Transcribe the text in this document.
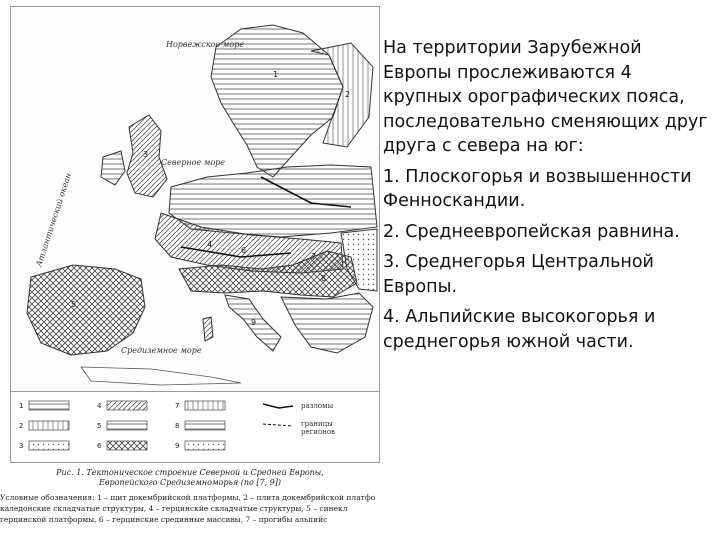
Норвежское море
Северное море
Атлантический океан
Средиземное море
1
2
3
4
5
6
7
8
9
1
2
3
4
5
6
7
8
9
разломы
границы регионов
Рис. 1. Тектоническое строение Северной и Средней Европы,
Европейского Средиземноморья (по [7, 9])
Условные обозначения: 1 – щит докембрийской платформы, 2 – плита докембрийской платфо
каледонские складчатые структуры, 4 – герцинские складчатые структуры, 5 – синекл
герцинской платформы, 6 – герцинские срединные массивы, 7 – прогибы альпийс

На территории Зарубежной Европы прослеживаются 4 крупных орографических пояса, последовательно сменяющих друг друга с севера на юг:

1. Плоскогорья и возвышенности Фенноскандии.

2. Среднеевропейская равнина.

3. Среднегорья Центральной Европы.

4. Альпийские высокогорья и среднегорья южной части.
